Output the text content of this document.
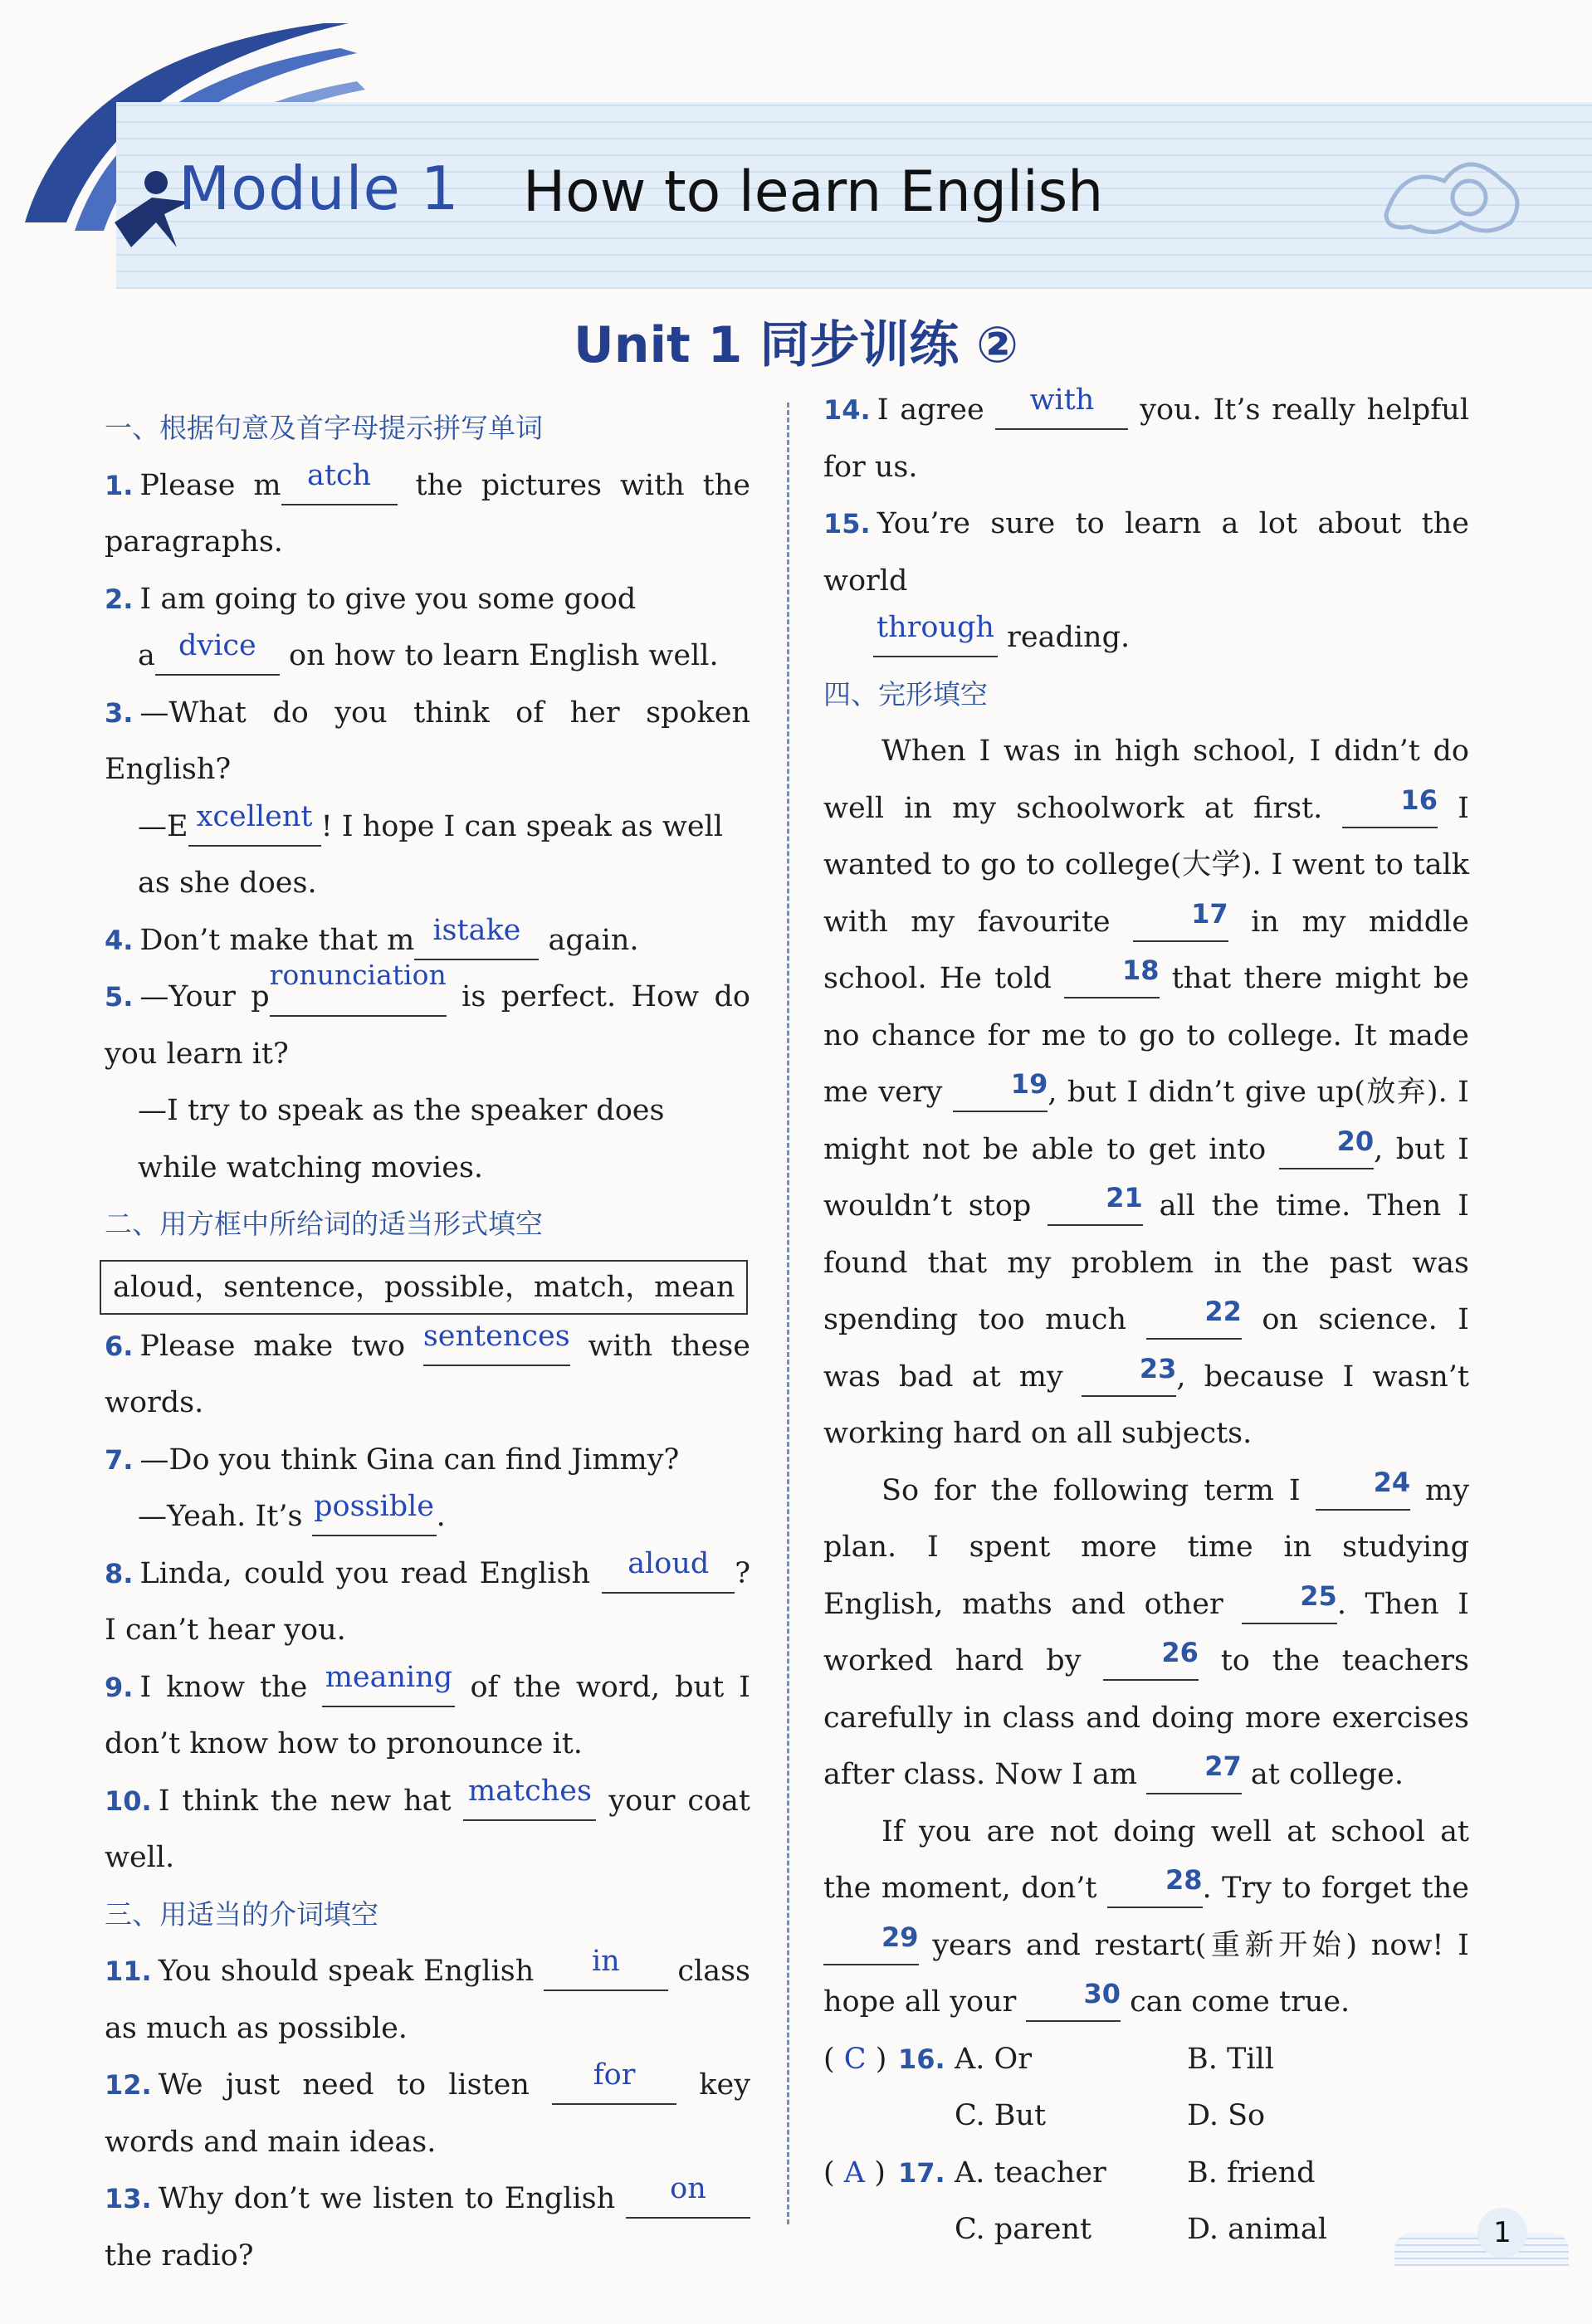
Module 1 How to learn English
Unit 1 同步训练 ②

一、根据句意及首字母提示拼写单词

1. Please m atch the pictures with the paragraphs.

2. I am going to give you some good
a dvice on how to learn English well.

3. —What do you think of her spoken English?

—E xcellent ! I hope I can speak as well as she does.

4. Don’t make that m istake again.

5. —Your pronunciation is perfect. How do you learn it?

—I try to speak as the speaker does while watching movies.

二、用方框中所给词的适当形式填空

aloud，sentence，possible，match，mean

6. Please make two sentences with these words.

7. —Do you think Gina can find Jimmy?

—Yeah. It’s possible.

8. Linda, could you read English aloud ? I can’t hear you.

9. I know the meaning of the word, but I don’t know how to pronounce it.

10. I think the new hat matches your coat well.

三、用适当的介词填空

11. You should speak English in class as much as possible.

12. We just need to listen for key words and main ideas.

13. Why don’t we listen to English on the radio?

14. I agree with you. It’s really helpful for us.

15. You’re sure to learn a lot about the world
through reading.

四、完形填空

When I was in high school, I didn’t do well in my schoolwork at first.	16 I wanted to go to college(大学). I went to talk with my favourite	17 in my middle school. He told	18 that there might be no chance for me to go to college. It made me very	19, but I didn’t give up(放弃). I might not be able to get into	20, but I wouldn’t stop	21 all the time. Then I found that my problem in the past was spending too much	22 on science. I was bad at my	23, because I wasn’t working hard on all subjects.

So for the following term I	24 my plan. I spent more time in studying English, maths and other	25. Then I worked hard by	26 to the teachers carefully in class and doing more exercises after class. Now I am	27 at college.

If you are not doing well at school at the moment, don’t	28. Try to forget the 29 years and restart(重新开始) now! I hope all your	30 can come true.

( C ) 16. A. Or	B. Till
C. But	D. So
( A ) 17. A. teacher	B. friend
C. parent	D. animal	1
